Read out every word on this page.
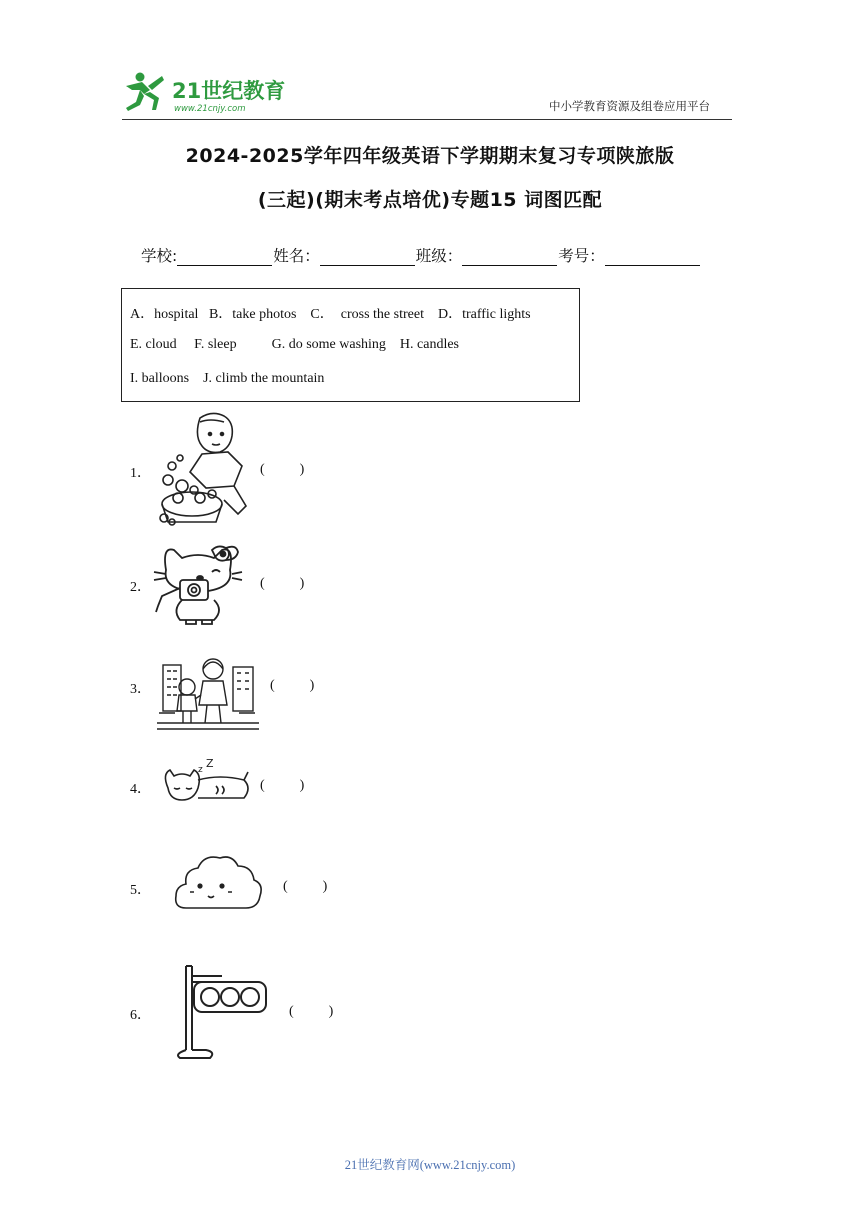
21世纪教育
www.21cnjy.com	中小学教育资源及组卷应用平台
2024-2025学年四年级英语下学期期末复习专项陕旅版
(三起)(期末考点培优)专题15 词图匹配
学校:	姓名：	班级：	考号：
A．hospital   B．take photos    C．  cross the street    D．traffic lights
E. cloud     F. sleep          G. do some washing    H. candles
I. balloons    J. climb the mountain
1．	(          )
2．	(          )
3．	(          )
4．
z Z
(          )
5．	(          )
6．	(          )
21世纪教育网(www.21cnjy.com)
